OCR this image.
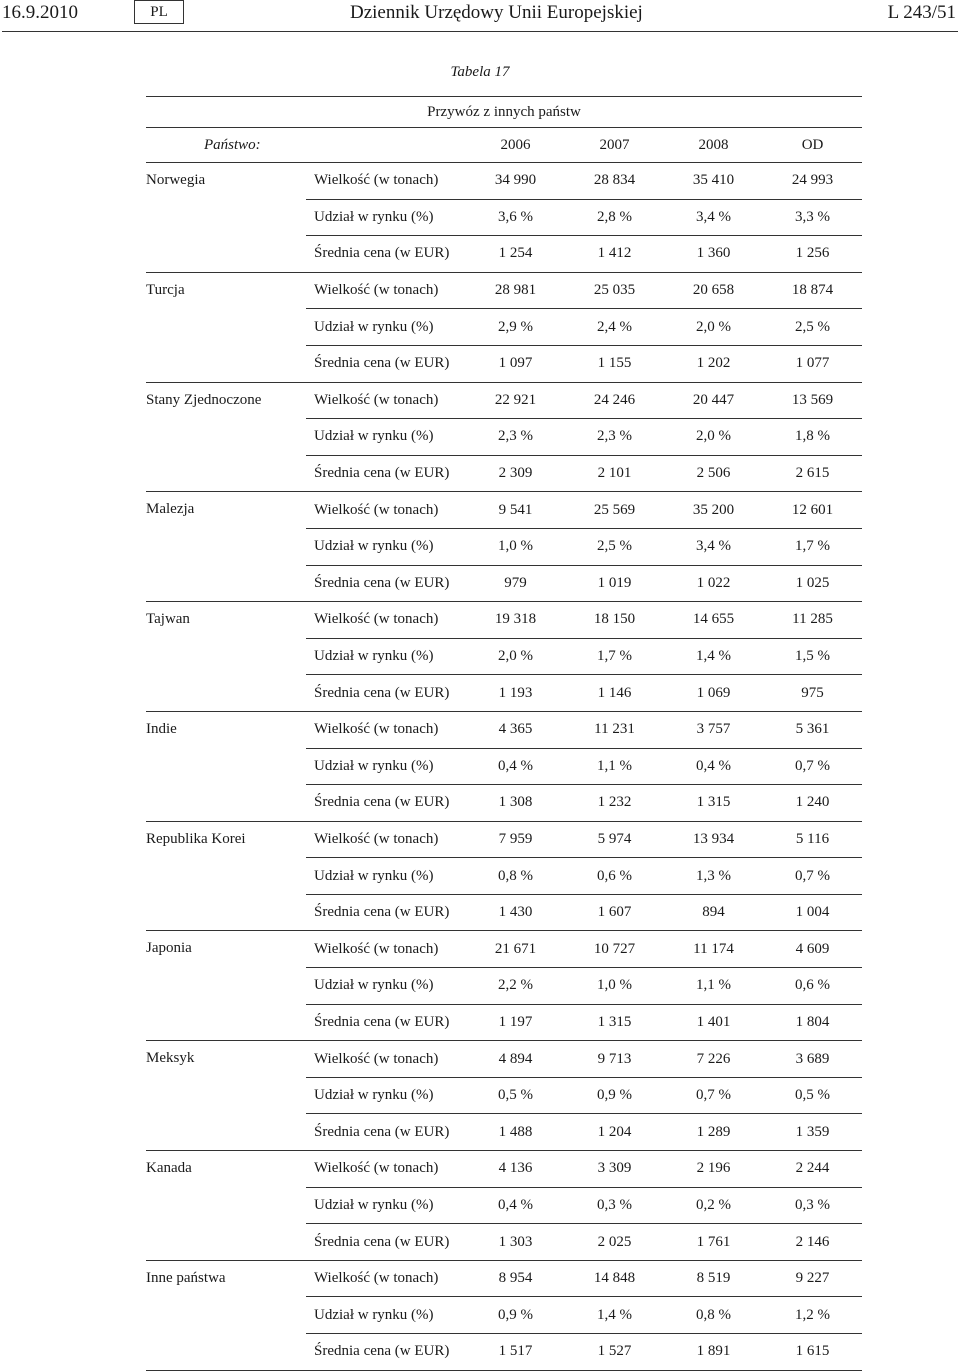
16.9.2010	PL	Dziennik Urzędowy Unii Europejskiej	L 243/51
Tabela 17
Przywóz z innych państw					
Państwo:		2006	2007	2008	OD
Norwegia	Wielkość (w tonach)	34 990	28 834	35 410	24 993
	Udział w rynku (%)	3,6 %	2,8 %	3,4 %	3,3 %
	Średnia cena (w EUR)	1 254	1 412	1 360	1 256
Turcja	Wielkość (w tonach)	28 981	25 035	20 658	18 874
	Udział w rynku (%)	2,9 %	2,4 %	2,0 %	2,5 %
	Średnia cena (w EUR)	1 097	1 155	1 202	1 077
Stany Zjednoczone	Wielkość (w tonach)	22 921	24 246	20 447	13 569
	Udział w rynku (%)	2,3 %	2,3 %	2,0 %	1,8 %
	Średnia cena (w EUR)	2 309	2 101	2 506	2 615
Malezja	Wielkość (w tonach)	9 541	25 569	35 200	12 601
	Udział w rynku (%)	1,0 %	2,5 %	3,4 %	1,7 %
	Średnia cena (w EUR)	979	1 019	1 022	1 025
Tajwan	Wielkość (w tonach)	19 318	18 150	14 655	11 285
	Udział w rynku (%)	2,0 %	1,7 %	1,4 %	1,5 %
	Średnia cena (w EUR)	1 193	1 146	1 069	975
Indie	Wielkość (w tonach)	4 365	11 231	3 757	5 361
	Udział w rynku (%)	0,4 %	1,1 %	0,4 %	0,7 %
	Średnia cena (w EUR)	1 308	1 232	1 315	1 240
Republika Korei	Wielkość (w tonach)	7 959	5 974	13 934	5 116
	Udział w rynku (%)	0,8 %	0,6 %	1,3 %	0,7 %
	Średnia cena (w EUR)	1 430	1 607	894	1 004
Japonia	Wielkość (w tonach)	21 671	10 727	11 174	4 609
	Udział w rynku (%)	2,2 %	1,0 %	1,1 %	0,6 %
	Średnia cena (w EUR)	1 197	1 315	1 401	1 804
Meksyk	Wielkość (w tonach)	4 894	9 713	7 226	3 689
	Udział w rynku (%)	0,5 %	0,9 %	0,7 %	0,5 %
	Średnia cena (w EUR)	1 488	1 204	1 289	1 359
Kanada	Wielkość (w tonach)	4 136	3 309	2 196	2 244
	Udział w rynku (%)	0,4 %	0,3 %	0,2 %	0,3 %
	Średnia cena (w EUR)	1 303	2 025	1 761	2 146
Inne państwa	Wielkość (w tonach)	8 954	14 848	8 519	9 227
	Udział w rynku (%)	0,9 %	1,4 %	0,8 %	1,2 %
	Średnia cena (w EUR)	1 517	1 527	1 891	1 615
